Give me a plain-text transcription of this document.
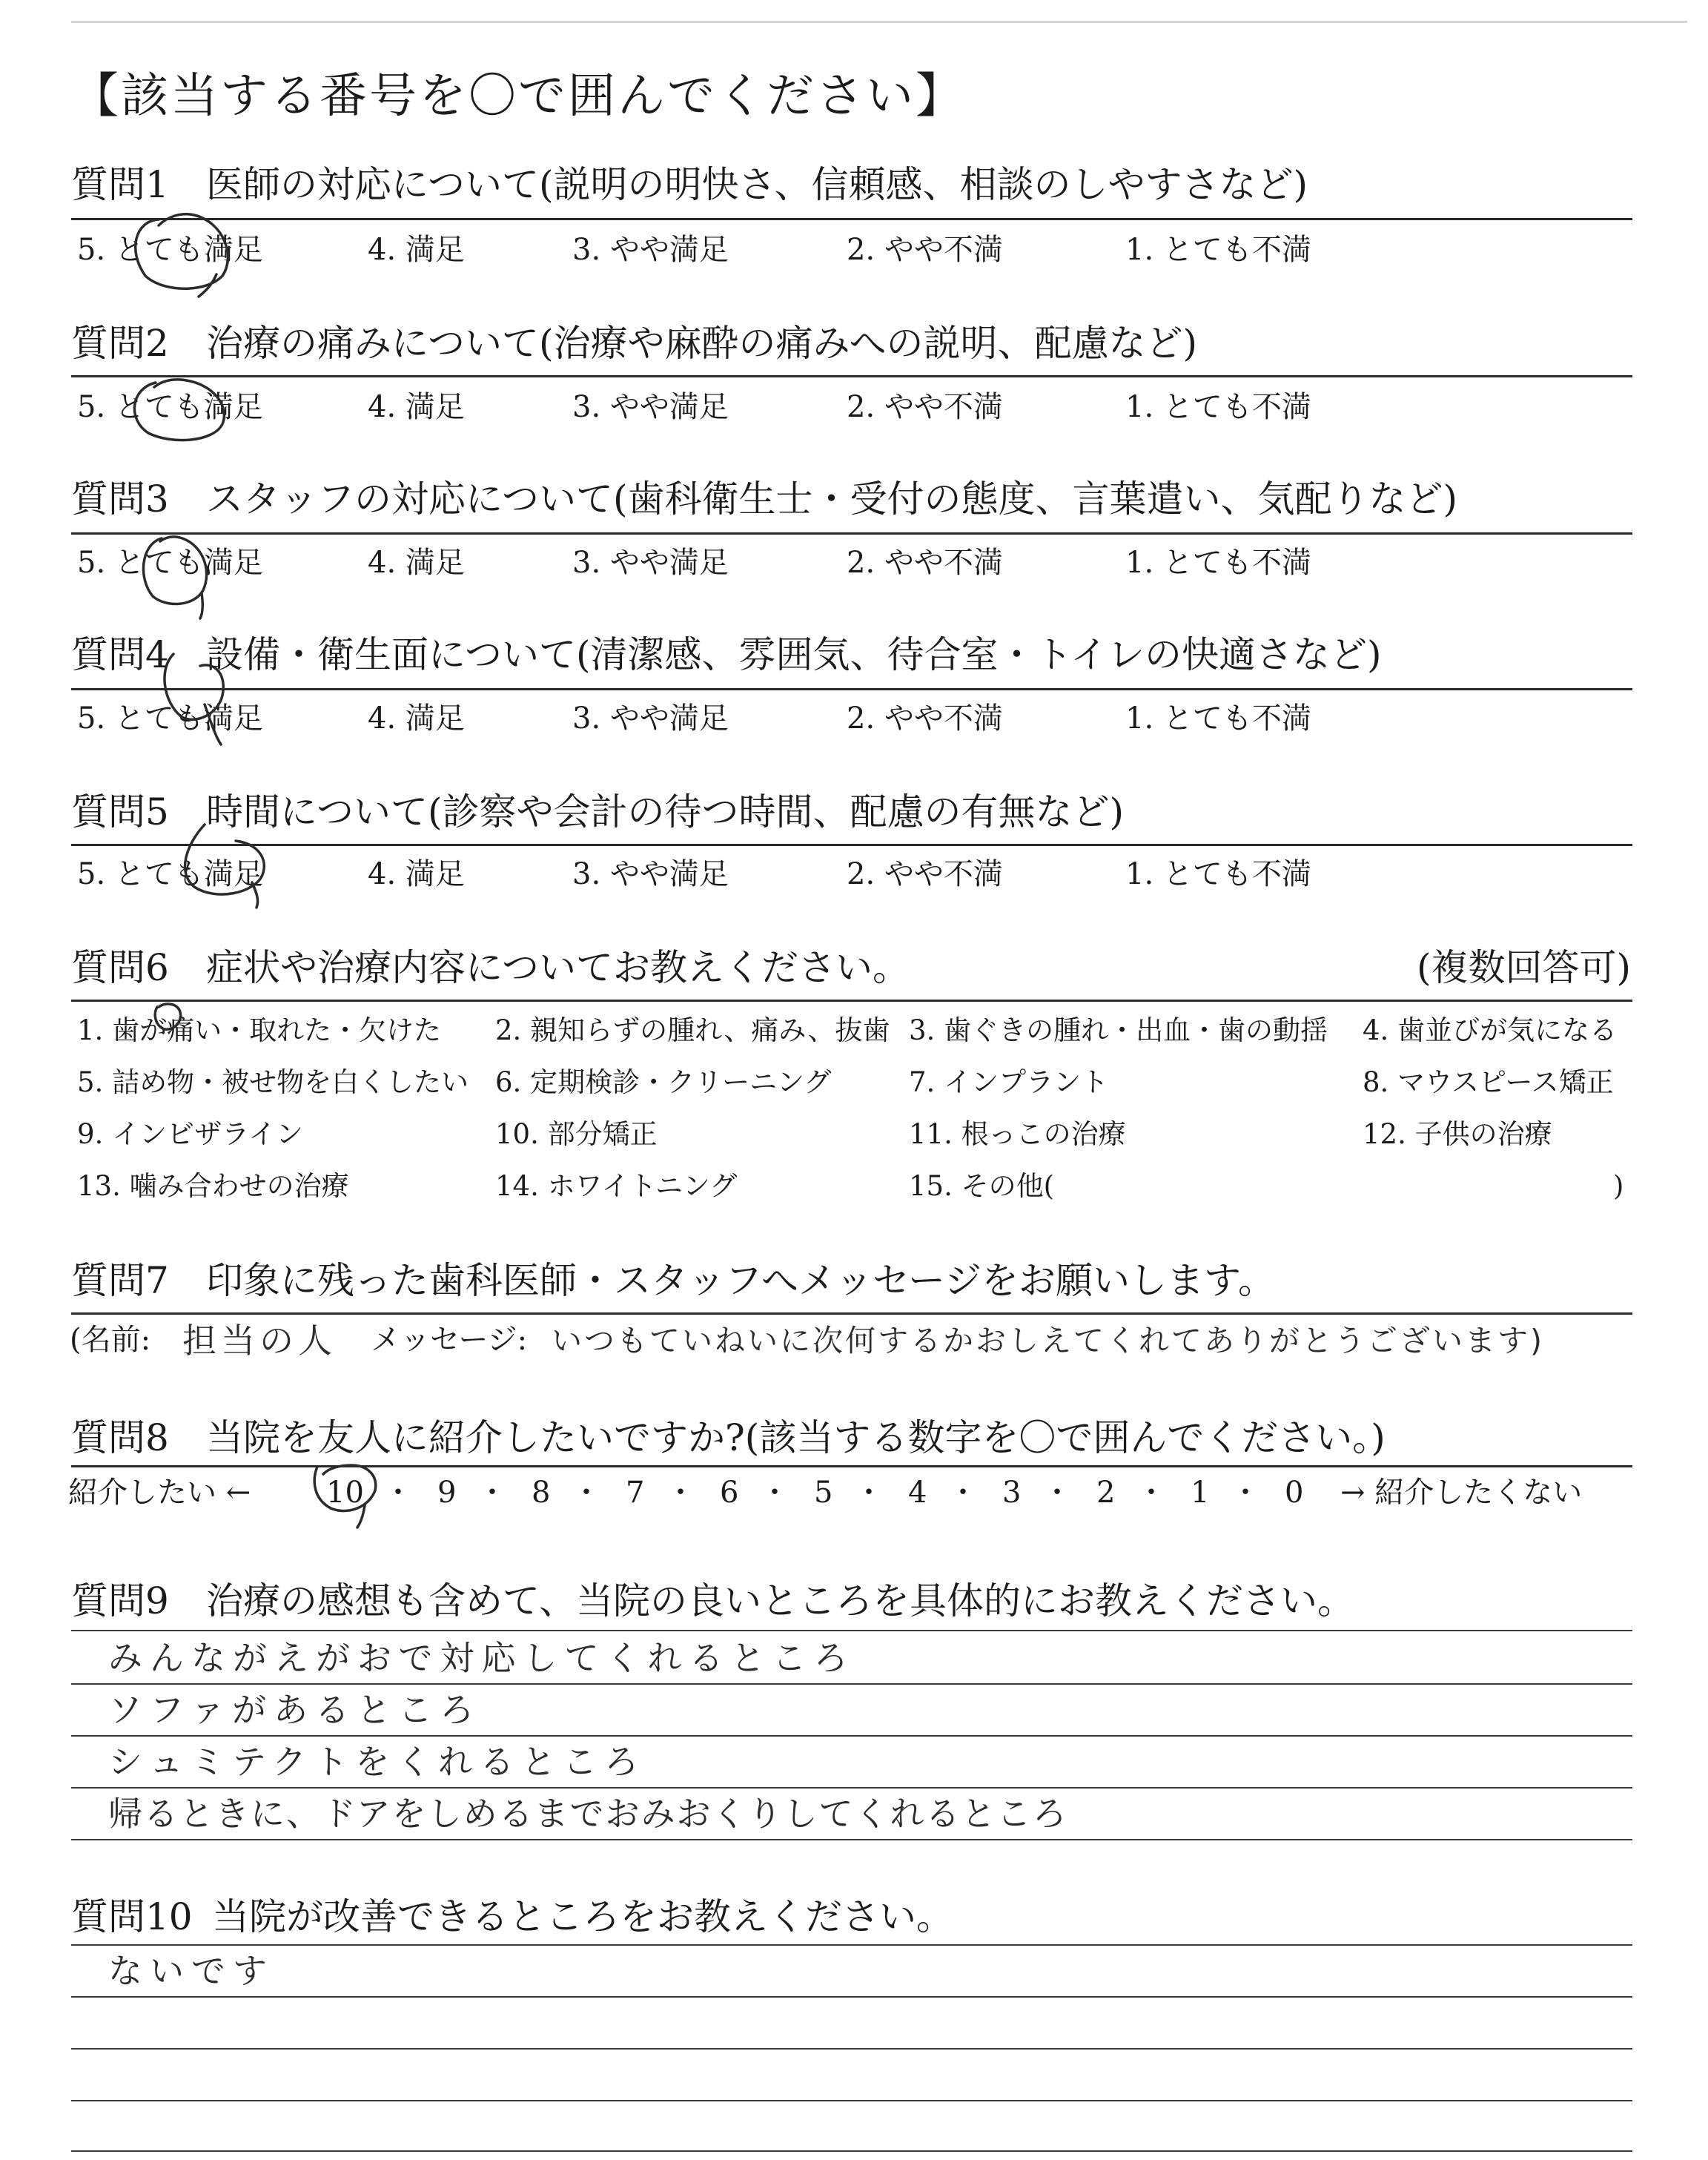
【該当する番号を〇で囲んでください】
質問1 医師の対応について(説明の明快さ、信頼感、相談のしやすさなど)
5. とても満足	4. 満足	3. やや満足	2. やや不満	1. とても不満
質問2 治療の痛みについて(治療や麻酔の痛みへの説明、配慮など)
5. とても満足	4. 満足	3. やや満足	2. やや不満	1. とても不満
質問3 スタッフの対応について(歯科衛生士・受付の態度、言葉遣い、気配りなど)
5. とても満足	4. 満足	3. やや満足	2. やや不満	1. とても不満
質問4 設備・衛生面について(清潔感、雰囲気、待合室・トイレの快適さなど)
5. とても満足	4. 満足	3. やや満足	2. やや不満	1. とても不満
質問5 時間について(診察や会計の待つ時間、配慮の有無など)
5. とても満足	4. 満足	3. やや満足	2. やや不満	1. とても不満
質問6 症状や治療内容についてお教えください。	(複数回答可)
1. 歯が痛い・取れた・欠けた 2. 親知らずの腫れ、痛み、抜歯 3. 歯ぐきの腫れ・出血・歯の動揺 4. 歯並びが気になる
5. 詰め物・被せ物を白くしたい 6. 定期検診・クリーニング	7. インプラント	8. マウスピース矯正
9. インビザライン	10. 部分矯正	11. 根っこの治療	12. 子供の治療
13. 噛み合わせの治療	14. ホワイトニング	15. その他(	)
質問7 印象に残った歯科医師・スタッフへメッセージをお願いします。
(名前: 担当の人 メッセージ: いつもていねいに次何するかおしえてくれてありがとうございます)
質問8 当院を友人に紹介したいですか?(該当する数字を〇で囲んでください。)
紹介したい ←	10 ・ 9 ・ 8 ・ 7 ・ 6 ・ 5 ・ 4 ・ 3 ・ 2 ・ 1 ・ 0 → 紹介したくない
質問9 治療の感想も含めて、当院の良いところを具体的にお教えください。
みんながえがおで対応してくれるところ
ソファがあるところ
シュミテクトをくれるところ
帰るときに、ドアをしめるまでおみおくりしてくれるところ
質問10 当院が改善できるところをお教えください。
ないです
